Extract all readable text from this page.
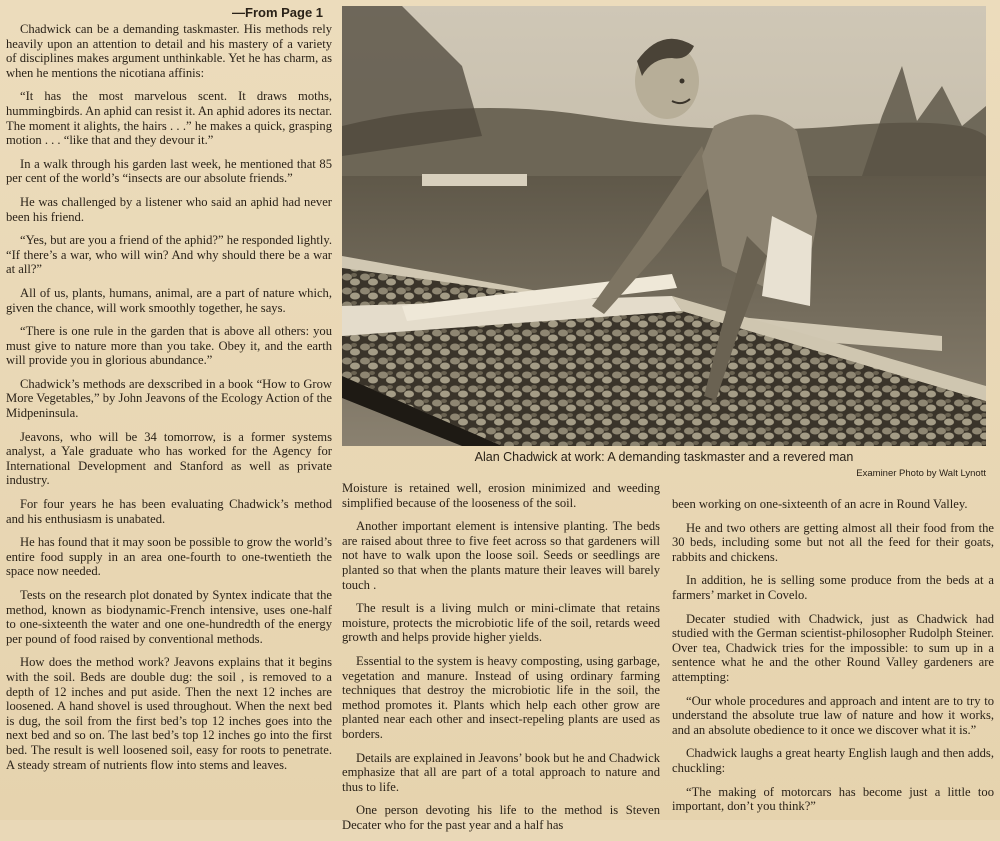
—From Page 1

Chadwick can be a demanding taskmaster. His methods rely heavily upon an attention to detail and his mastery of a variety of disciplines makes argument unthinkable. Yet he has charm, as when he mentions the nicotiana affinis:

“It has the most marvelous scent. It draws moths, hummingbirds. An aphid can resist it. An aphid adores its nectar. The moment it alights, the hairs . . .” he makes a quick, grasping motion . . . “like that and they devour it.”

In a walk through his garden last week, he mentioned that 85 per cent of the world’s “insects are our absolute friends.”

He was challenged by a listener who said an aphid had never been his friend.

“Yes, but are you a friend of the aphid?” he responded lightly. “If there’s a war, who will win? And why should there be a war at all?”

All of us, plants, humans, animal, are a part of nature which, given the chance, will work smoothly together, he says.

“There is one rule in the garden that is above all others: you must give to nature more than you take. Obey it, and the earth will provide you in glorious abundance.”

Chadwick’s methods are dexscribed in a book “How to Grow More Vegetables,” by John Jeavons of the Ecology Action of the Midpeninsula.

Jeavons, who will be 34 tomorrow, is a former systems analyst, a Yale graduate who has worked for the Agency for International Development and Stanford as well as private industry.

For four years he has been evaluating Chadwick’s method and his enthusiasm is unabated.

He has found that it may soon be possible to grow the world’s entire food supply in an area one-fourth to one-twentieth the space now needed.

Tests on the research plot donated by Syntex indicate that the method, known as biodynamic-French intensive, uses one-half to one-sixteenth the water and one one-hundredth of the energy per pound of food raised by conventional methods.

How does the method work? Jeavons explains that it begins with the soil. Beds are double dug: the soil , is removed to a depth of 12 inches and put aside. Then the next 12 inches are loosened. A hand shovel is used throughout. When the next bed is dug, the soil from the first bed’s top 12 inches goes into the next bed and so on. The last bed’s top 12 inches go into the first bed. The result is well loosened soil, easy for roots to penetrate. A steady stream of nutrients flow into stems and leaves.

Alan Chadwick at work: A demanding taskmaster and a revered man
Examiner Photo by Walt Lynott

Moisture is retained well, erosion minimized and weeding simplified because of the looseness of the soil.

Another important element is intensive planting. The beds are raised about three to five feet across so that gardeners will not have to walk upon the loose soil. Seeds or seedlings are planted so that when the plants mature their leaves will barely touch .

The result is a living mulch or mini-climate that retains moisture, protects the microbiotic life of the soil, retards weed growth and helps provide higher yields.

Essential to the system is heavy composting, using garbage, vegetation and manure. Instead of using ordinary farming techniques that destroy the microbiotic life in the soil, the method promotes it. Plants which help each other grow are planted near each other and insect-repeling plants are used as borders.

Details are explained in Jeavons’ book but he and Chadwick emphasize that all are part of a total approach to nature and thus to life.

One person devoting his life to the method is Steven Decater who for the past year and a half has

been working on one-sixteenth of an acre in Round Valley.

He and two others are getting almost all their food from the 30 beds, including some but not all the feed for their goats, rabbits and chickens.

In addition, he is selling some produce from the beds at a farmers’ market in Covelo.

Decater studied with Chadwick, just as Chadwick had studied with the German scientist-philosopher Rudolph Steiner. Over tea, Chadwick tries for the impossible: to sum up in a sentence what he and the other Round Valley gardeners are attempting:

“Our whole procedures and approach and intent are to try to understand the absolute true law of nature and how it works, and an absolute obedience to it once we discover what it is.”

Chadwick laughs a great hearty English laugh and then adds, chuckling:

“The making of motorcars has become just a little too important, don’t you think?”
